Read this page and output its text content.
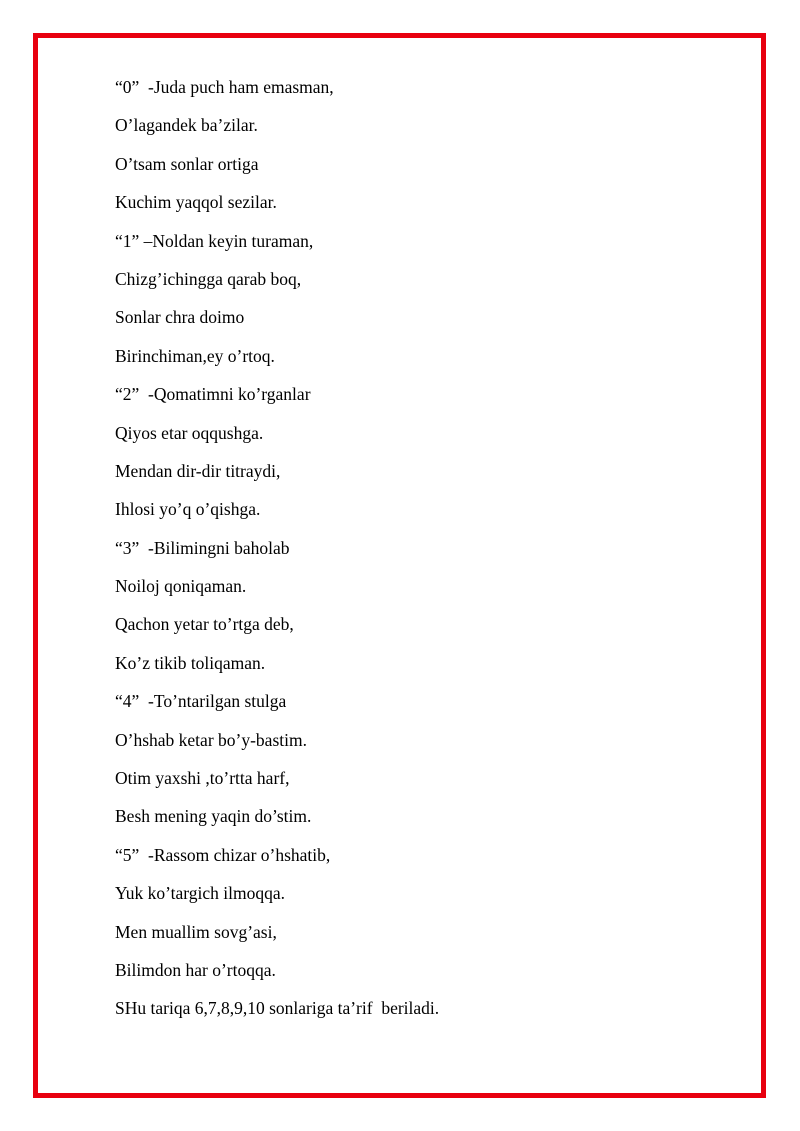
“0”  -Juda puch ham emasman,
O’lagandek ba’zilar.
O’tsam sonlar ortiga
Kuchim yaqqol sezilar.
“1” –Noldan keyin turaman,
Chizg’ichingga qarab boq,
Sonlar chra doimo
Birinchiman,ey o’rtoq.
“2”  -Qomatimni ko’rganlar
Qiyos etar oqqushga.
Mendan dir-dir titraydi,
Ihlosi yo’q o’qishga.
“3”  -Bilimingni baholab
Noiloj qoniqaman.
Qachon yetar to’rtga deb,
Ko’z tikib toliqaman.
“4”  -To’ntarilgan stulga
O’hshab ketar bo’y-bastim.
Otim yaxshi ,to’rtta harf,
Besh mening yaqin do’stim.
“5”  -Rassom chizar o’hshatib,
Yuk ko’targich ilmoqqa.
Men muallim sovg’asi,
Bilimdon har o’rtoqqa.
SHu tariqa 6,7,8,9,10 sonlariga ta’rif  beriladi.
